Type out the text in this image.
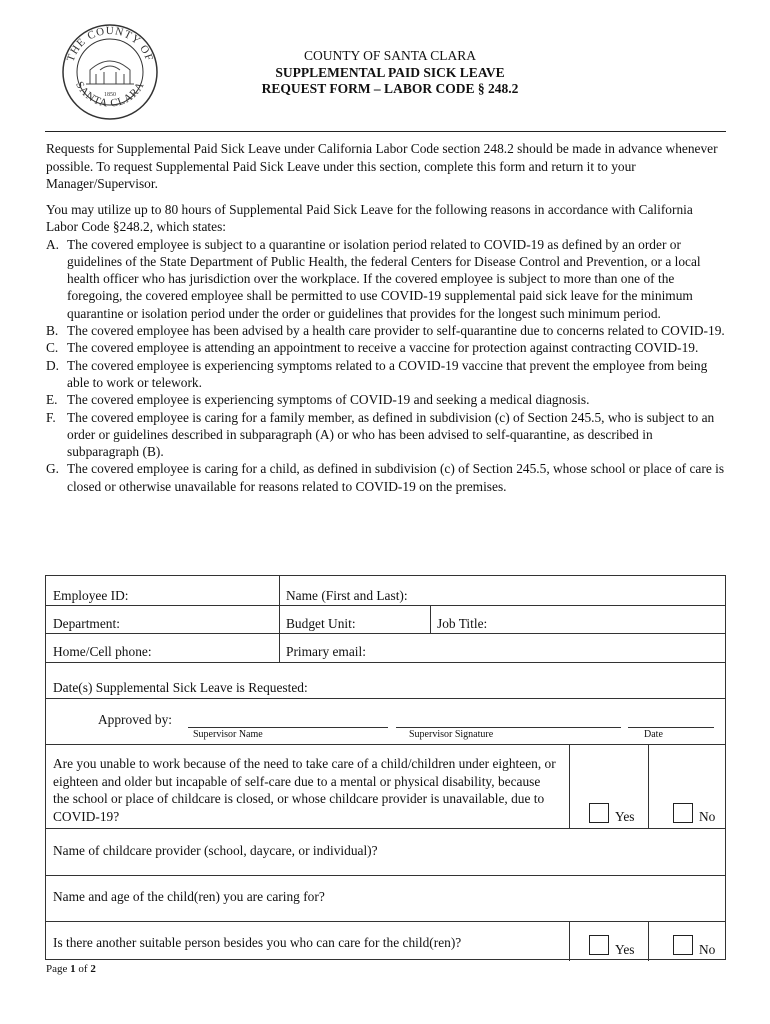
THE COUNTY OF
SANTA CLARA
1850
COUNTY OF SANTA CLARA
SUPPLEMENTAL PAID SICK LEAVE
REQUEST FORM – LABOR CODE § 248.2
Requests for Supplemental Paid Sick Leave under California Labor Code section 248.2 should be made in advance whenever possible. To request Supplemental Paid Sick Leave under this section, complete this form and return it to your Manager/Supervisor.

You may utilize up to 80 hours of Supplemental Paid Sick Leave for the following reasons in accordance with California Labor Code §248.2, which states:

A. The covered employee is subject to a quarantine or isolation period related to COVID-19 as defined by an order or guidelines of the State Department of Public Health, the federal Centers for Disease Control and Prevention, or a local health officer who has jurisdiction over the workplace. If the covered employee is subject to more than one of the foregoing, the covered employee shall be permitted to use COVID-19 supplemental paid sick leave for the minimum quarantine or isolation period under the order or guidelines that provides for the longest such minimum period.
B. The covered employee has been advised by a health care provider to self-quarantine due to concerns related to COVID-19.
C. The covered employee is attending an appointment to receive a vaccine for protection against contracting COVID-19.
D. The covered employee is experiencing symptoms related to a COVID-19 vaccine that prevent the employee from being able to work or telework.
E. The covered employee is experiencing symptoms of COVID-19 and seeking a medical diagnosis.
F. The covered employee is caring for a family member, as defined in subdivision (c) of Section 245.5, who is subject to an order or guidelines described in subparagraph (A) or who has been advised to self-quarantine, as described in subparagraph (B).
G. The covered employee is caring for a child, as defined in subdivision (c) of Section 245.5, whose school or place of care is closed or otherwise unavailable for reasons related to COVID-19 on the premises.
Employee ID:	Name (First and Last):
Department:	Budget Unit:	Job Title:
Home/Cell phone:	Primary email:
Date(s) Supplemental Sick Leave is Requested:
Approved by:
Supervisor Name	Supervisor Signature	Date
Are you unable to work because of the need to take care of a child/children under eighteen, or eighteen and older but incapable of self-care due to a mental or physical disability, because the school or place of childcare is closed, or whose childcare provider is unavailable, due to COVID-19?	Yes	No
Name of childcare provider (school, daycare, or individual)?
Name and age of the child(ren) you are caring for?
Is there another suitable person besides you who can care for the child(ren)?	Yes	No
Page 1 of 2
